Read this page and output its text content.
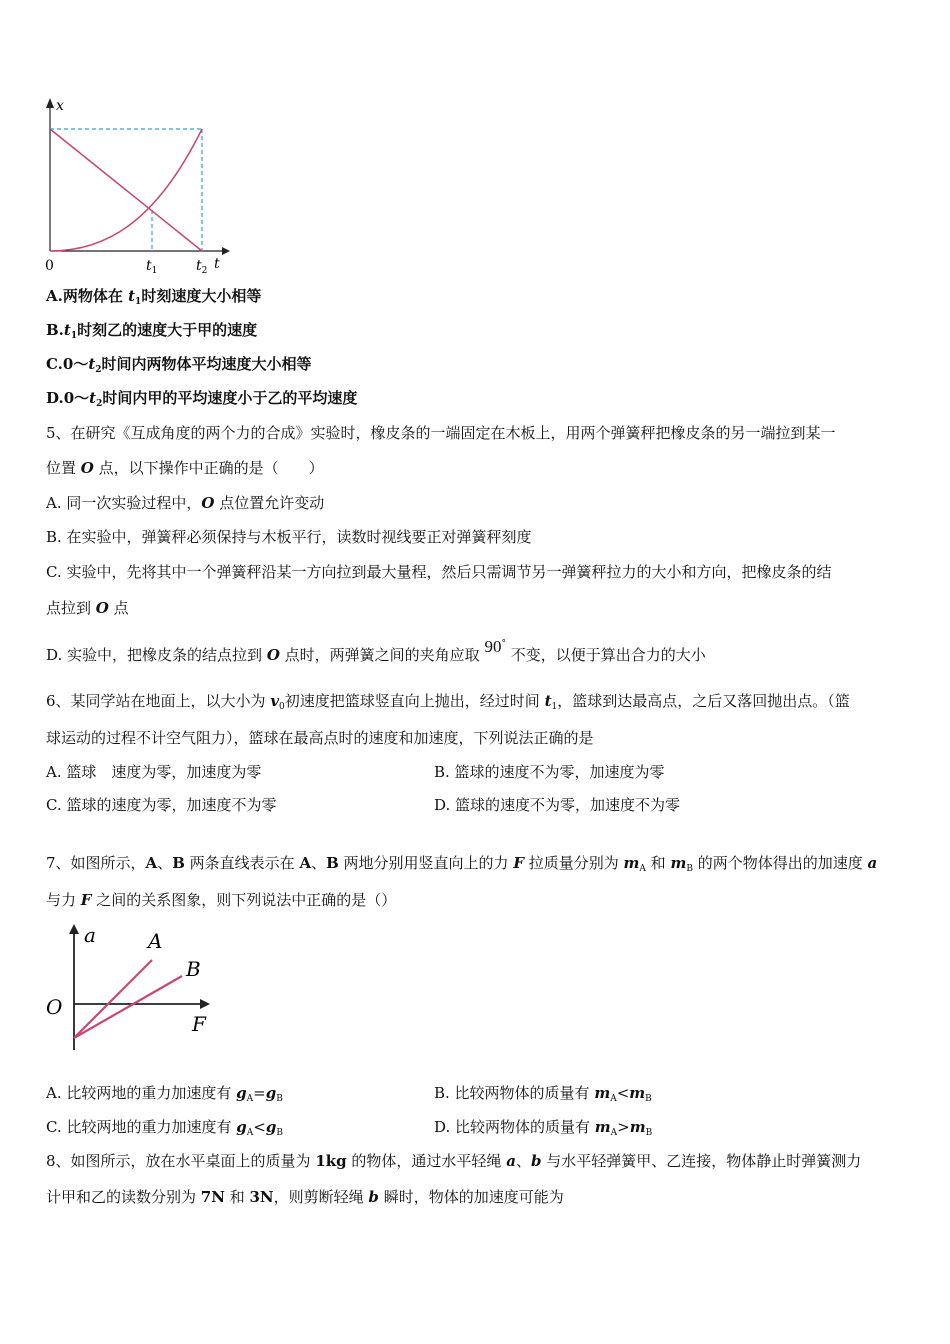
x
0	$t_1$	$t_2$ t
A.两物体在 $t_1$时刻速度大小相等
$B.t_1$时刻乙的速度大于甲的速度
$C.0\sim t_2$时间内两物体平均速度大小相等
$D.0\sim t_2$时间内甲的平均速度小于乙的平均速度
5、在研究《互成角度的两个力的合成》实验时，橡皮条的一端固定在木板上，用两个弹簧秤把橡皮条的另一端拉到某一
位置 O 点，以下操作中正确的是（　　）
A. 同一次实验过程中，O 点位置允许变动
B. 在实验中，弹簧秤必须保持与木板平行，读数时视线要正对弹簧秤刻度
C. 实验中，先将其中一个弹簧秤沿某一方向拉到最大量程，然后只需调节另一弹簧秤拉力的大小和方向，把橡皮条的结
点拉到 O 点
D. 实验中，把橡皮条的结点拉到 O 点时，两弹簧之间的夹角应取 90° 不变，以便于算出合力的大小
6、某同学站在地面上，以大小为 $v_0$初速度把篮球竖直向上抛出，经过时间 $t_1$，篮球到达最高点，之后又落回抛出点。（篮
球运动的过程不计空气阻力），篮球在最高点时的速度和加速度，下列说法正确的是
A. 篮球　速度为零，加速度为零	B. 篮球的速度不为零，加速度为零
C. 篮球的速度为零，加速度不为零	D. 篮球的速度不为零，加速度不为零
7、如图所示，A、B 两条直线表示在 A、B 两地分别用竖直向上的力 F 拉质量分别为 $m_A$ 和 $m_B$ 的两个物体得出的加速度 a
与力 F 之间的关系图象，则下列说法中正确的是（）
a	A
B
O
F
A. 比较两地的重力加速度有 $g_A=g_B$	B. 比较两物体的质量有 $m_A<m_B$
C. 比较两地的重力加速度有 $g_A<g_B$	D. 比较两物体的质量有 $m_A>m_B$
8、如图所示，放在水平桌面上的质量为 1kg 的物体，通过水平轻绳 a、b 与水平轻弹簧甲、乙连接，物体静止时弹簧测力
计甲和乙的读数分别为 7N 和 3N，则剪断轻绳 b 瞬时，物体的加速度可能为
